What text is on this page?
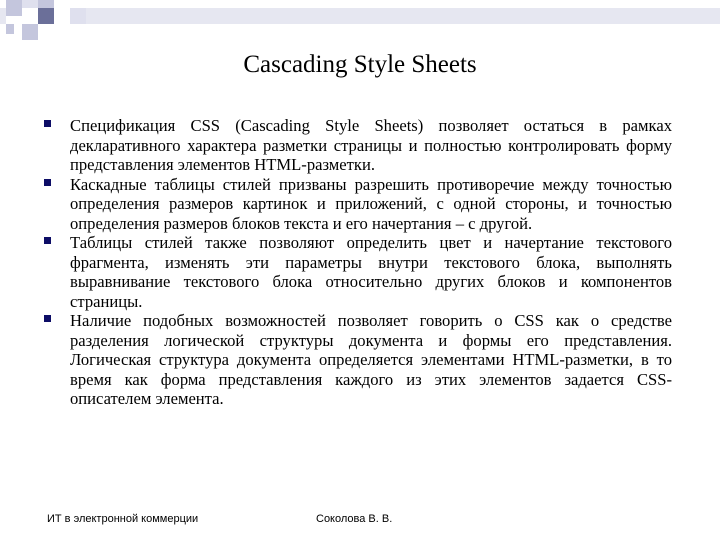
Cascading Style Sheets
Спецификация CSS (Cascading Style Sheets) позволяет остаться в рамках декларативного характера разметки страницы и полностью контролировать форму представления элементов HTML-разметки.
Каскадные таблицы стилей призваны разрешить противоречие между точностью определения размеров картинок и приложений, с одной стороны, и точностью определения размеров блоков текста и его начертания – с другой.
Таблицы стилей также позволяют определить цвет и начертание текстового фрагмента, изменять эти параметры внутри текстового блока, выполнять выравнивание текстового блока относительно других блоков и компонентов страницы.
Наличие подобных возможностей позволяет говорить о CSS как о средстве разделения логической структуры документа и формы его представления. Логическая структура документа определяется элементами HTML-разметки, в то время как форма представления каждого из этих элементов задается CSS-описателем элемента.
ИТ в электронной коммерции	Соколова В. В.
